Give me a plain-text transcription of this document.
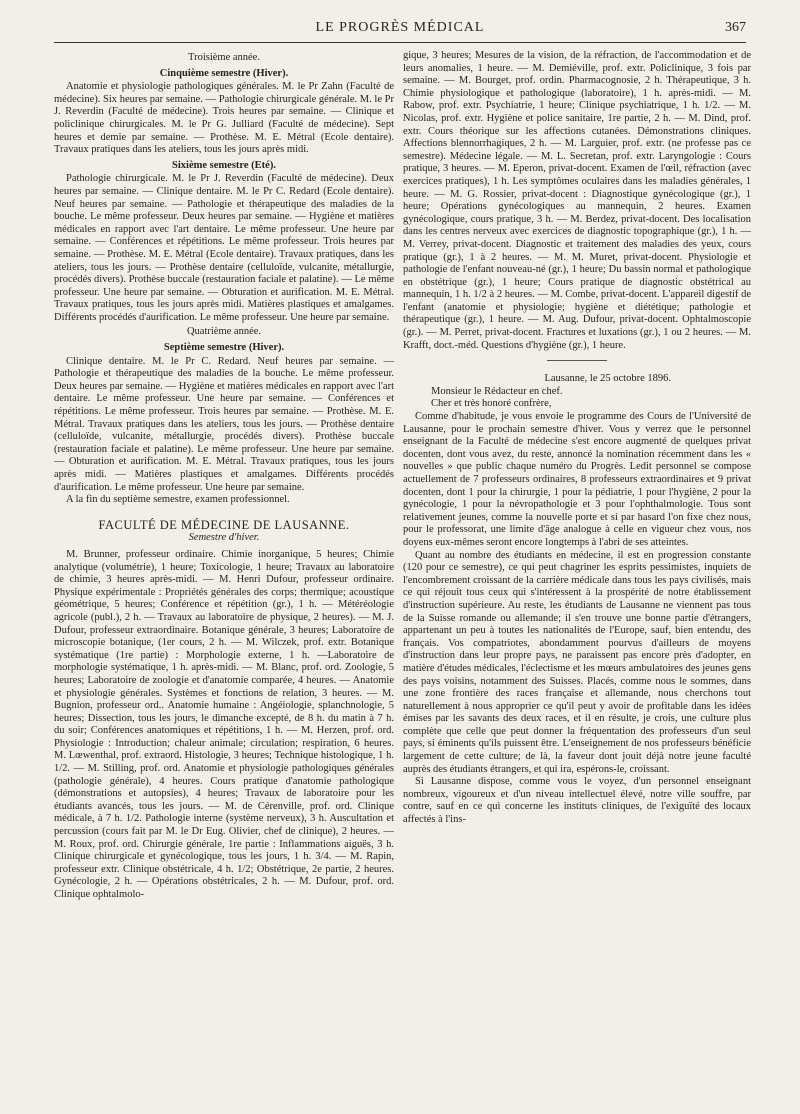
LE PROGRÈS MÉDICAL	367

Troisième année.

Cinquième semestre (Hiver).

Anatomie et physiologie pathologiques générales. M. le Pr Zahn (Faculté de médecine). Six heures par semaine. — Pathologie chirurgicale générale. M. le Pr J. Reverdin (Faculté de médecine). Trois heures par semaine. — Clinique et policlinique chirurgicales. M. le Pr G. Julliard (Faculté de médecine). Sept heures et demie par semaine. — Prothèse. M. E. Métral (Ecole dentaire). Travaux pratiques dans les ateliers, tous les jours après midi.

Sixième semestre (Eté).

Pathologie chirurgicale. M. le Pr J. Reverdin (Faculté de médecine). Deux heures par semaine. — Clinique dentaire. M. le Pr C. Redard (Ecole dentaire). Neuf heures par semaine. — Pathologie et thérapeutique des maladies de la bouche. Le même professeur. Deux heures par semaine. — Hygiène et matières médicales en rapport avec l'art dentaire. Le même professeur. Une heure par semaine. — Conférences et répétitions. Le même professeur. Trois heures par semaine. — Prothèse. M. E. Métral (Ecole dentaire). Travaux pratiques, dans les ateliers, tous les jours. — Prothèse dentaire (celluloïde, vulcanite, métallurgie, procédés divers). Prothèse buccale (restauration faciale et palatine). — Le même professeur. Une heure par semaine. — Obturation et aurification. M. E. Métral. Travaux pratiques, tous les jours après midi. Matières plastiques et amalgames. Différents procédés d'aurification. Le même professeur. Une heure par semaine.

Quatrième année.

Septième semestre (Hiver).

Clinique dentaire. M. le Pr C. Redard. Neuf heures par semaine. — Pathologie et thérapeutique des maladies de la bouche. Le même professeur. Deux heures par semaine. — Hygiène et matières médicales en rapport avec l'art dentaire. Le même professeur. Une heure par semaine. — Conférences et répétitions. Le même professeur. Trois heures par semaine. — Prothèse. M. E. Métral. Travaux pratiques dans les ateliers, tous les jours. — Prothèse dentaire (celluloïde, vulcanite, métallurgie, procédés divers). Prothèse buccale (restauration faciale et palatine). Le même professeur. Une heure par semaine. — Obturation et aurification. M. E. Métral. Travaux pratiques, tous les jours après midi. — Matières plastiques et amalgames. Différents procédés d'aurification. Le même professeur. Une heure par semaine.

A la fin du septième semestre, examen professionnel.

FACULTÉ DE MÉDECINE DE LAUSANNE.

Semestre d'hiver.

M. Brunner, professeur ordinaire. Chimie inorganique, 5 heures; Chimie analytique (volumétrie), 1 heure; Toxicologie, 1 heure; Travaux au laboratoire de chimie, 3 heures après-midi. — M. Henri Dufour, professeur ordinaire. Physique expérimentale : Propriétés générales des corps; thermique; acoustique géométrique, 5 heures; Conférence et répétition (gr.), 1 h. — Météréologie agricole (publ.), 2 h. — Travaux au laboratoire de physique, 2 heures). — M. J. Dufour, professeur extraordinaire. Botanique générale, 3 heures; Laboratoire de microscopie botanique, (1er cours, 2 h. — M. Wilczek, prof. extr. Botanique systématique (1re partie) : Morphologie externe, 1 h. —Laboratoire de morphologie systématique, 1 h. après-midi. — M. Blanc, prof. ord. Zoologie, 5 heures; Laboratoire de zoologie et d'anatomie comparée, 4 heures. — Anatomie et physiologie générales. Systèmes et fonctions de relation, 3 heures. — M. Bugnion, professeur ord.. Anatomie humaine : Angéiologie, splanchnologie, 5 heures; Dissection, tous les jours, le dimanche excepté, de 8 h. du matin à 7 h. du soir; Conférences anatomiques et répétitions, 1 h. — M. Herzen, prof. ord. Physiologie : Introduction; chaleur animale; circulation; respiration, 6 heures. M. Lœwenthal, prof. extraord. Histologie, 3 heures; Technique histologique, 1 h. 1/2. — M. Stilling, prof. ord. Anatomie et physiologie pathologiques générales (pathologie générale), 4 heures. Cours pratique d'anatomie pathologique (démonstrations et autopsies), 4 heures; Travaux de laboratoire pour les étudiants avancés, tous les jours. — M. de Cérenville, prof. ord. Clinique médicale, à 7 h. 1/2. Pathologie interne (système nerveux), 3 h. Auscultation et percussion (cours fait par M. le Dr Eug. Olivier, chef de clinique), 2 heures. — M. Roux, prof. ord. Chirurgie générale, 1re partie : Inflammations aiguës, 3 h. Clinique chirurgicale et gynécologique, tous les jours, 1 h. 3/4. — M. Rapin, professeur extr. Clinique obstétricale, 4 h. 1/2; Obstétrique, 2e partie, 2 heures. Gynécologie, 2 h. — Opérations obstétricales, 2 h. — M. Dufour, prof. ord. Clinique ophtalmolo-

gique, 3 heures; Mesures de la vision, de la réfraction, de l'accommodation et de leurs anomalies, 1 heure. — M. Demiéville, prof. extr. Policlinique, 3 fois par semaine. — M. Bourget, prof. ordin. Pharmacognosie, 2 h. Thérapeutique, 3 h. Chimie physiologique et pathologique (laboratoire), 1 h. après-midi. — M. Rabow, prof. extr. Psychiatrie, 1 heure; Clinique psychiatrique, 1 h. 1/2. — M. Nicolas, prof. extr. Hygiène et police sanitaire, 1re partie, 2 h. — M. Dind, prof. extr. Cours théorique sur les affections cutanées. Démonstrations cliniques. Affections blennorrhagiques, 2 h. — M. Larguier, prof. extr. (ne professe pas ce semestre). Médecine légale. — M. L. Secretan, prof. extr. Laryngologie : Cours pratique, 3 heures. — M. Eperon, privat-docent. Examen de l'œil, réfraction (avec exercices pratiques), 1 h. Les symptômes oculaires dans les maladies générales, 1 heure. — M. G. Rossier, privat-docent : Diagnostique gynécologique (gr.), 1 heure; Opérations gynécologiques au mannequin, 2 heures. Examen gynécologique, cours pratique, 3 h. — M. Berdez, privat-docent. Des localisation dans les centres nerveux avec exercices de diagnostic topographique (gr.), 1 h. — M. Verrey, privat-docent. Diagnostic et traitement des maladies des yeux, cours pratique (gr.), 1 à 2 heures. — M. M. Muret, privat-docent. Physiologie et pathologie de l'enfant nouveau-né (gr.), 1 heure; Du bassin normal et pathologique en obstétrique (gr.), 1 heure; Cours pratique de diagnostic obstétrical au mannequin, 1 h. 1/2 à 2 heures. — M. Combe, privat-docent. L'appareil digestif de l'enfant (anatomie et physiologie; hygiène et diététique; pathologie et thérapeutique (gr.), 1 heure. — M. Aug. Dufour, privat-docent. Ophtalmoscopie (gr.). — M. Perret, privat-docent. Fractures et luxations (gr.), 1 ou 2 heures. — M. Krafft, doct.-méd. Questions d'hygiène (gr.), 1 heure.

Lausanne, le 25 octobre 1896.

Monsieur le Rédacteur en chef.

Cher et très honoré confrère,

Comme d'habitude, je vous envoie le programme des Cours de l'Université de Lausanne, pour le prochain semestre d'hiver. Vous y verrez que le personnel enseignant de la Faculté de médecine s'est encore augmenté de quelques privat docenten, dont vous avez, du reste, annoncé la nomination récemment dans les « nouvelles » que public chaque numéro du Progrès. Ledit personnel se compose actuellement de 7 professeurs ordinaires, 8 professeurs extraordinaires et 9 privat docenten, dont 1 pour la chirurgie, 1 pour la pédiatrie, 1 pour l'hygiène, 2 pour la gynécologie, 1 pour la névropathologie et 3 pour l'ophthalmologie. Tous sont relativement jeunes, comme la nouvelle porte et si par hasard l'on fixe chez nous, pour le professorat, une limite d'âge analogue à celle en vigueur chez vous, nos doyens eux-mêmes seront encore longtemps à l'abri de ses atteintes.

Quant au nombre des étudiants en médecine, il est en progression constante (120 pour ce semestre), ce qui peut chagriner les esprits pessimistes, inquiets de l'encombrement croissant de la carrière médicale dans tous les pays civilisés, mais ce qui réjouit tous ceux qui s'intéressent à la prospérité de notre établissement d'instruction supérieure. Au reste, les étudiants de Lausanne ne viennent pas tous de la Suisse romande ou allemande; il s'en trouve une bonne partie d'étrangers, appartenant un peu à toutes les nationalités de l'Europe, sauf, bien entendu, des français. Vos compatriotes, abondamment pourvus d'ailleurs de moyens d'instruction dans leur propre pays, ne paraissent pas encore près d'adopter, en matière d'études médicales, l'éclectisme et les mœurs ambulatoires des jeunes gens des pays voisins, notamment des Suisses. Placés, comme nous le sommes, dans une zone frontière des races française et allemande, nous cherchons tout naturellement à nous approprier ce qu'il peut y avoir de profitable dans les idées émises par les savants des deux races, et il en résulte, je crois, une culture plus complète que celle que peut donner la fréquentation des professeurs d'un seul pays, si éminents qu'ils puissent être. L'enseignement de nos professeurs bénéficie largement de cette culture; de là, la faveur dont jouit déjà notre jeune faculté auprès des étudiants étrangers, et qui ira, espérons-le, croissant.

Si Lausanne dispose, comme vous le voyez, d'un personnel enseignant nombreux, vigoureux et d'un niveau intellectuel élevé, notre ville souffre, par contre, sauf en ce qui concerne les instituts cliniques, de l'exiguïté des locaux affectés à l'ins-
